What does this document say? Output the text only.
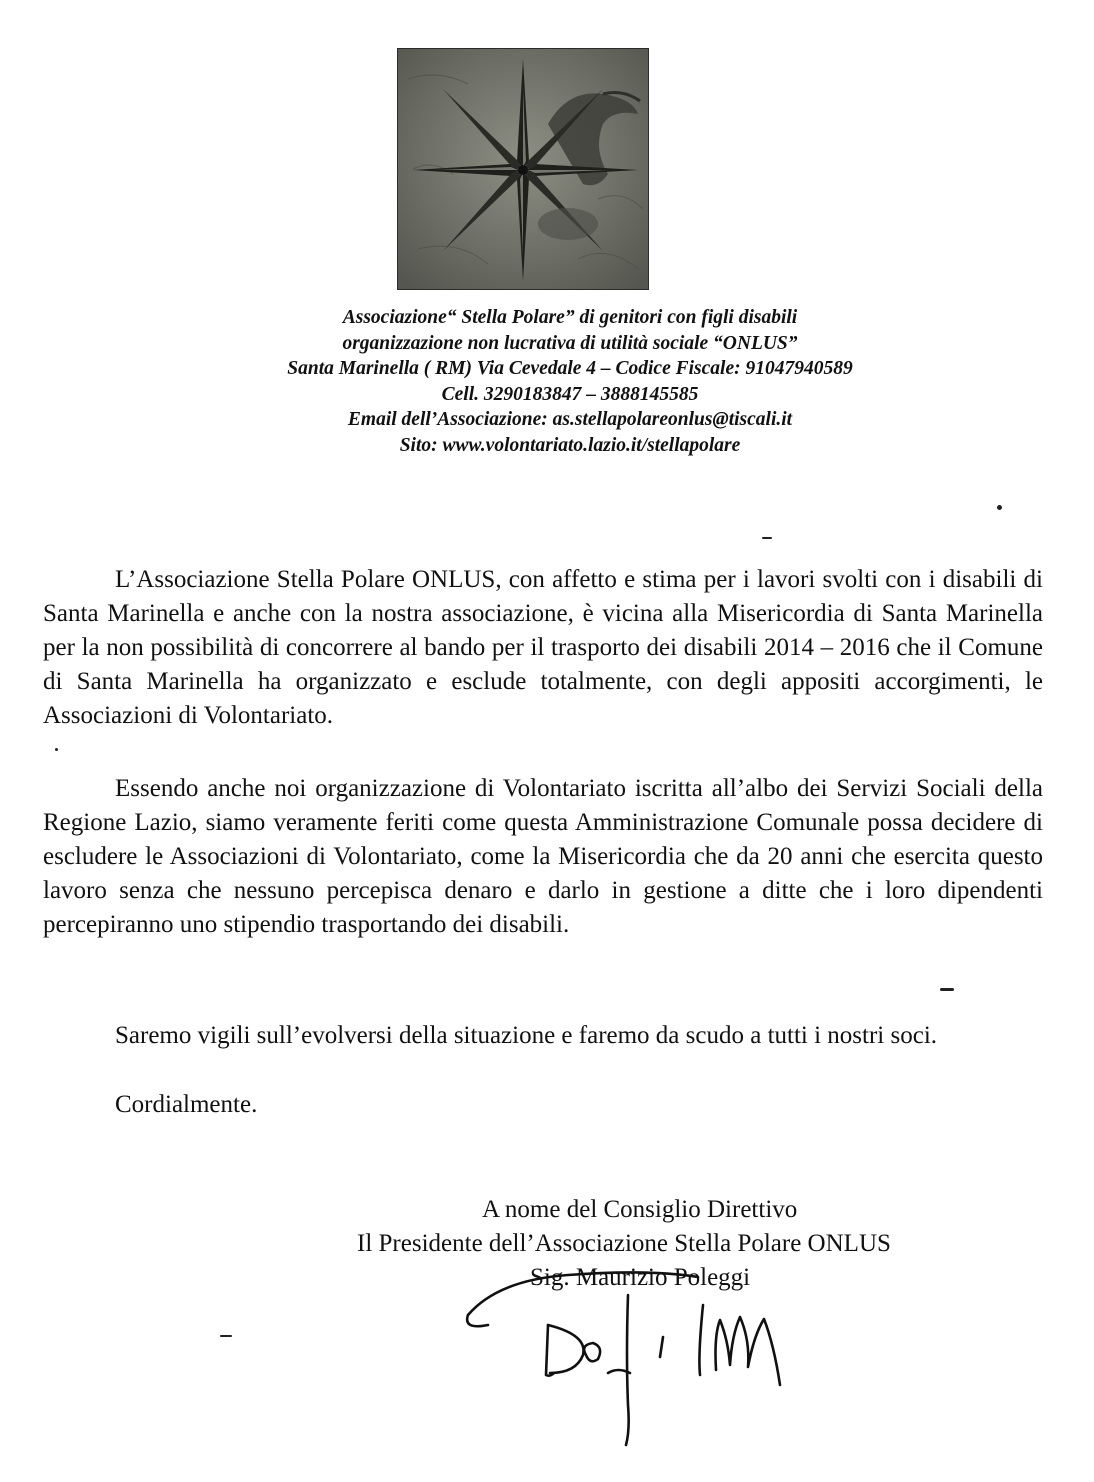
Associazione“ Stella Polare” di genitori con figli disabili
organizzazione non lucrativa di utilità sociale “ONLUS”
Santa Marinella ( RM) Via Cevedale 4 – Codice Fiscale: 91047940589
Cell. 3290183847 – 3888145585
Email dell’Associazione: as.stellapolareonlus@tiscali.it
Sito: www.volontariato.lazio.it/stellapolare

L’Associazione Stella Polare ONLUS, con affetto e stima per i lavori svolti con i disabili di Santa Marinella e anche con la nostra associazione, è vicina alla Misericordia di Santa Marinella per la non possibilità di concorrere al bando per il trasporto dei disabili 2014 – 2016 che il Comune di Santa Marinella ha organizzato e esclude totalmente, con degli appositi accorgimenti, le Associazioni di Volontariato.

Essendo anche noi organizzazione di Volontariato iscritta all’albo dei Servizi Sociali della Regione Lazio, siamo veramente feriti come questa Amministrazione Comunale possa decidere di escludere le Associazioni di Volontariato, come la Misericordia che da 20 anni che esercita questo lavoro senza che nessuno percepisca denaro e darlo in gestione a ditte che i loro dipendenti percepiranno uno stipendio trasportando dei disabili.

Saremo vigili sull’evolversi della situazione e faremo da scudo a tutti i nostri soci.

Cordialmente.

A nome del Consiglio Direttivo
Il Presidente dell’Associazione Stella Polare ONLUS
Sig. Maurizio Poleggi
